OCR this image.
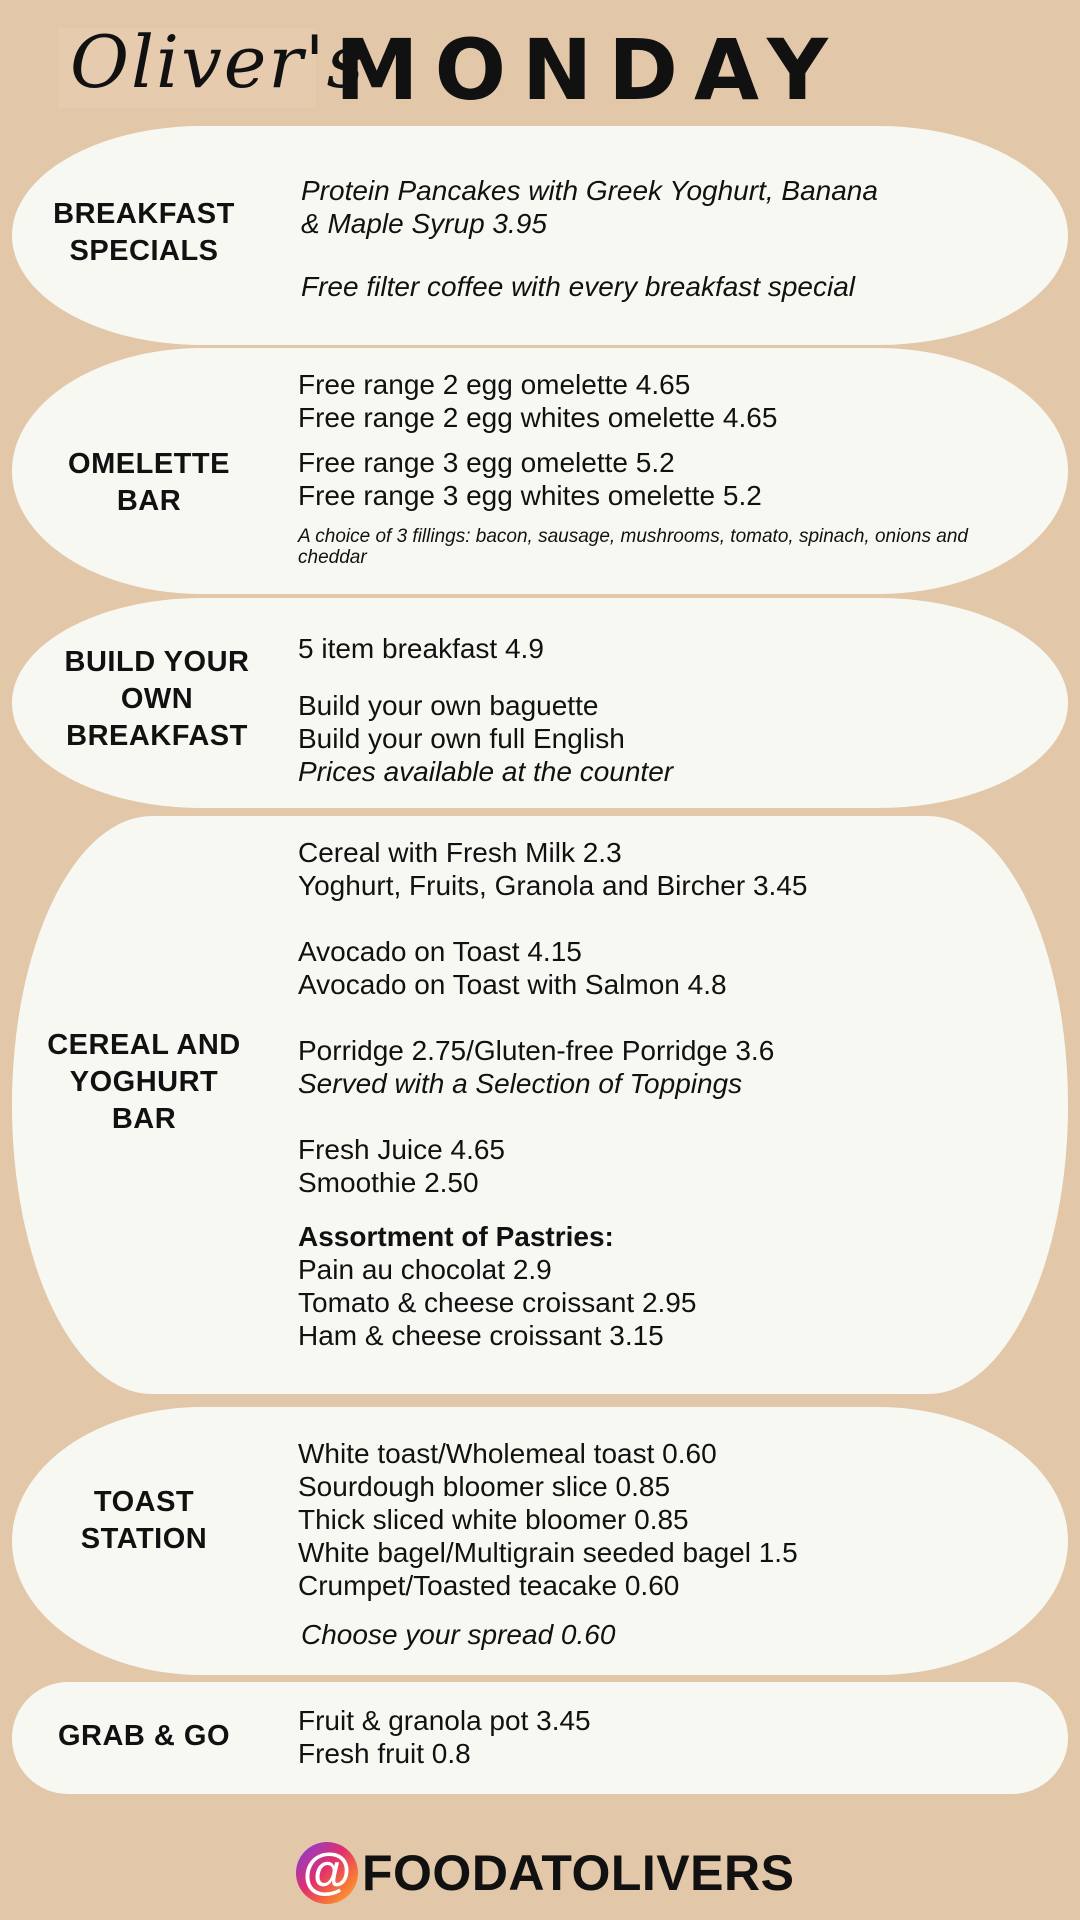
Oliver's
MONDAY
BREAKFAST
SPECIALS
Protein Pancakes with Greek Yoghurt, Banana
& Maple Syrup 3.95
Free filter coffee with every breakfast special
OMELETTE
BAR
Free range 2 egg omelette 4.65
Free range 2 egg whites omelette 4.65
Free range 3 egg omelette 5.2
Free range 3 egg whites omelette 5.2
A choice of 3 fillings: bacon, sausage, mushrooms, tomato, spinach, onions and cheddar
BUILD YOUR
OWN
BREAKFAST
5 item breakfast 4.9
Build your own baguette
Build your own full English
Prices available at the counter
CEREAL AND
YOGHURT
BAR
Cereal with Fresh Milk 2.3
Yoghurt, Fruits, Granola and Bircher 3.45
Avocado on Toast 4.15
Avocado on Toast with Salmon 4.8
Porridge 2.75/Gluten-free Porridge 3.6
Served with a Selection of Toppings
Fresh Juice 4.65
Smoothie 2.50
Assortment of Pastries:
Pain au chocolat 2.9
Tomato & cheese croissant 2.95
Ham & cheese croissant 3.15
TOAST
STATION
White toast/Wholemeal toast 0.60
Sourdough bloomer slice 0.85
Thick sliced white bloomer 0.85
White bagel/Multigrain seeded bagel 1.5
Crumpet/Toasted teacake 0.60
Choose your spread 0.60
GRAB & GO	Fruit & granola pot 3.45
Fresh fruit 0.8
@ FOODATOLIVERS
